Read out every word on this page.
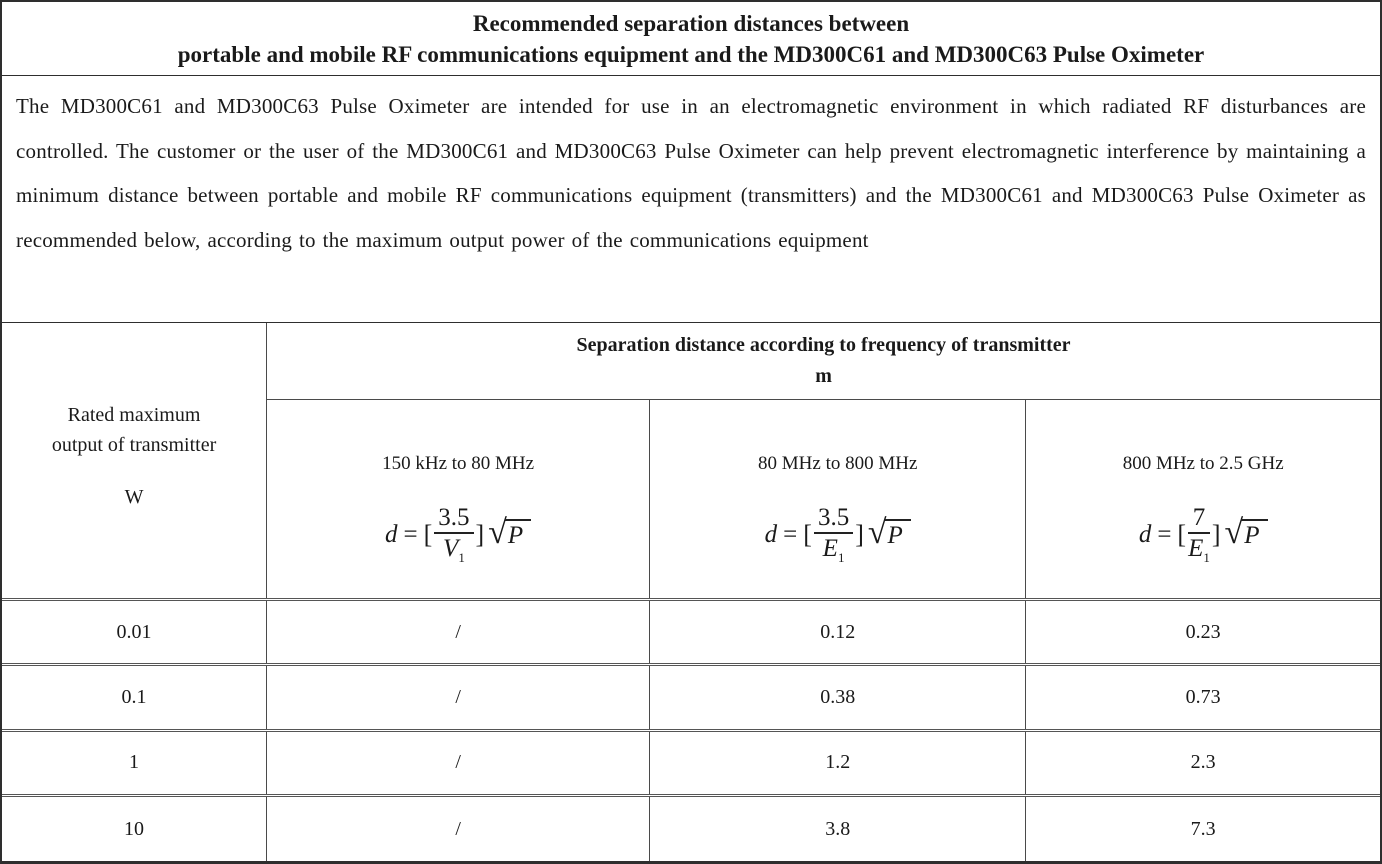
Recommended separation distances between
portable and mobile RF communications equipment and the MD300C61 and MD300C63 Pulse Oximeter
The MD300C61 and MD300C63 Pulse Oximeter are intended for use in an electromagnetic environment in which radiated RF disturbances are controlled. The customer or the user of the MD300C61 and MD300C63 Pulse Oximeter can help prevent electromagnetic interference by maintaining a minimum distance between portable and mobile RF communications equipment (transmitters) and the MD300C61 and MD300C63 Pulse Oximeter as recommended below, according to the maximum output power of the communications equipment
Rated maximum
output of transmitter
W

Separation distance according to frequency of transmitter
m

150 kHz to 80 MHz
d = [ $\frac{3.5}{V_1}$ ] √ P

80 MHz to 800 MHz
d = [ $\frac{3.5}{E_1}$ ] √ P

800 MHz to 2.5 GHz
d = [ $\frac{7}{E_1}$ ] √ P

0.01	/	0.12	0.23
0.1	/	0.38	0.73
1	/	1.2	2.3
10	/	3.8	7.3
